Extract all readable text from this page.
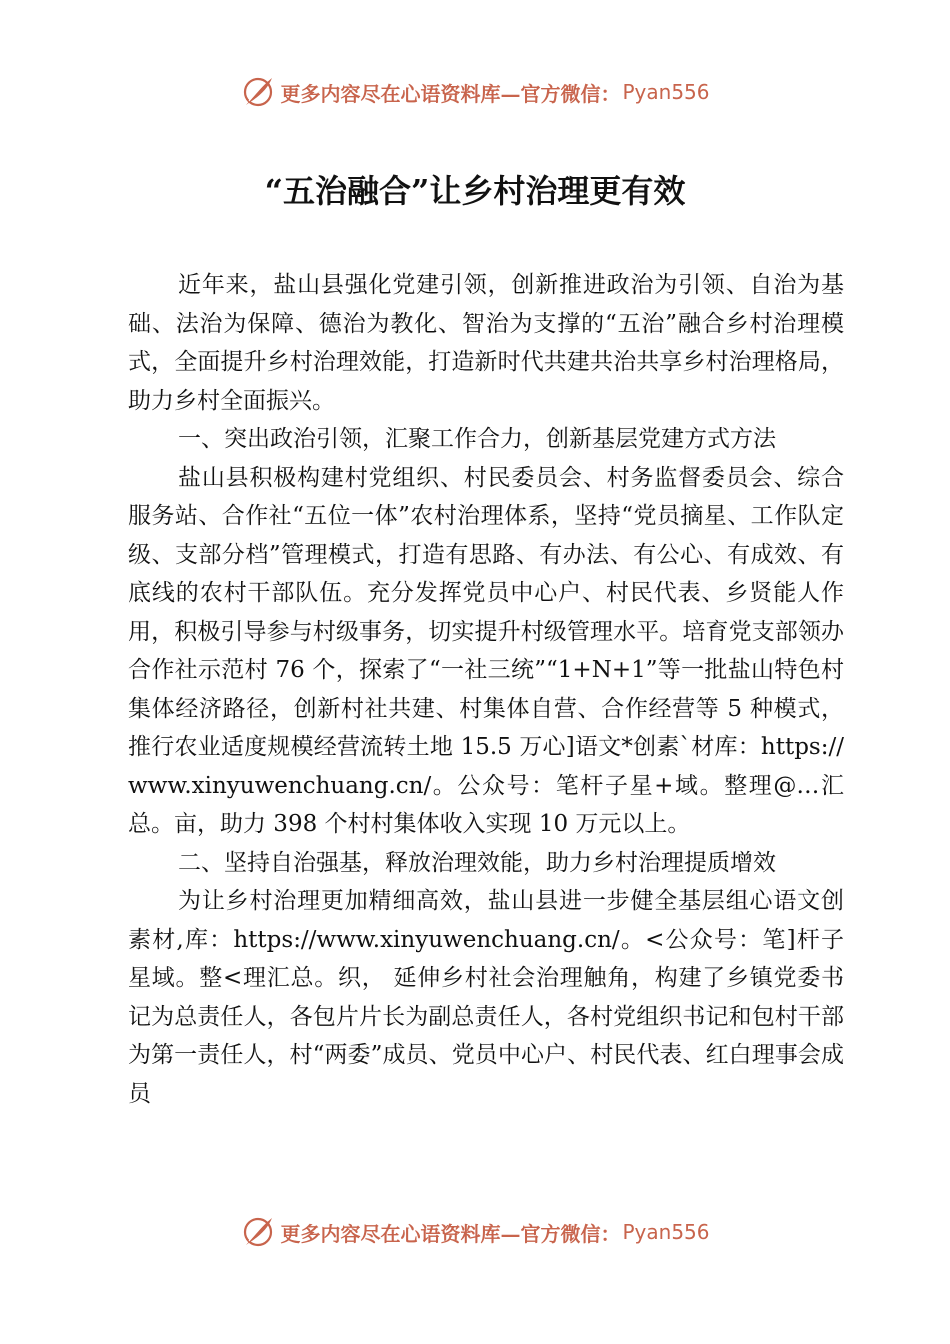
更多内容尽在心语资料库—官方微信： Pyan556
“五治融合”让乡村治理更有效

近年来，盐山县强化党建引领，创新推进政治为引领、自治为基础、法治为保障、德治为教化、智治为支撑的“五治”融合乡村治理模式，全面提升乡村治理效能，打造新时代共建共治共享乡村治理格局，助力乡村全面振兴。

一、突出政治引领，汇聚工作合力，创新基层党建方式方法

盐山县积极构建村党组织、村民委员会、村务监督委员会、综合服务站、合作社“五位一体”农村治理体系，坚持“党员摘星、工作队定级、支部分档”管理模式，打造有思路、有办法、有公心、有成效、有底线的农村干部队伍。充分发挥党员中心户、村民代表、乡贤能人作用，积极引导参与村级事务，切实提升村级管理水平。培育党支部领办合作社示范村 76 个，探索了“一社三统”“1+N+1”等一批盐山特色村集体经济路径，创新村社共建、村集体自营、合作经营等 5 种模式，推行农业适度规模经营流转土地 15.5 万心]语文*创素`材库：https://www.xinyuwenchuang.cn/。公众号：笔杆子星+域。整理@…汇总。亩，助力 398 个村村集体收入实现 10 万元以上。

二、坚持自治强基，释放治理效能，助力乡村治理提质增效

为让乡村治理更加精细高效，盐山县进一步健全基层组心语文创素材,库：https://www.xinyuwenchuang.cn/。<公众号：笔]杆子星域。整<理汇总。织， 延伸乡村社会治理触角，构建了乡镇党委书记为总责任人，各包片片长为副总责任人，各村党组织书记和包村干部为第一责任人，村“两委”成员、党员中心户、村民代表、红白理事会成员

更多内容尽在心语资料库—官方微信： Pyan556
